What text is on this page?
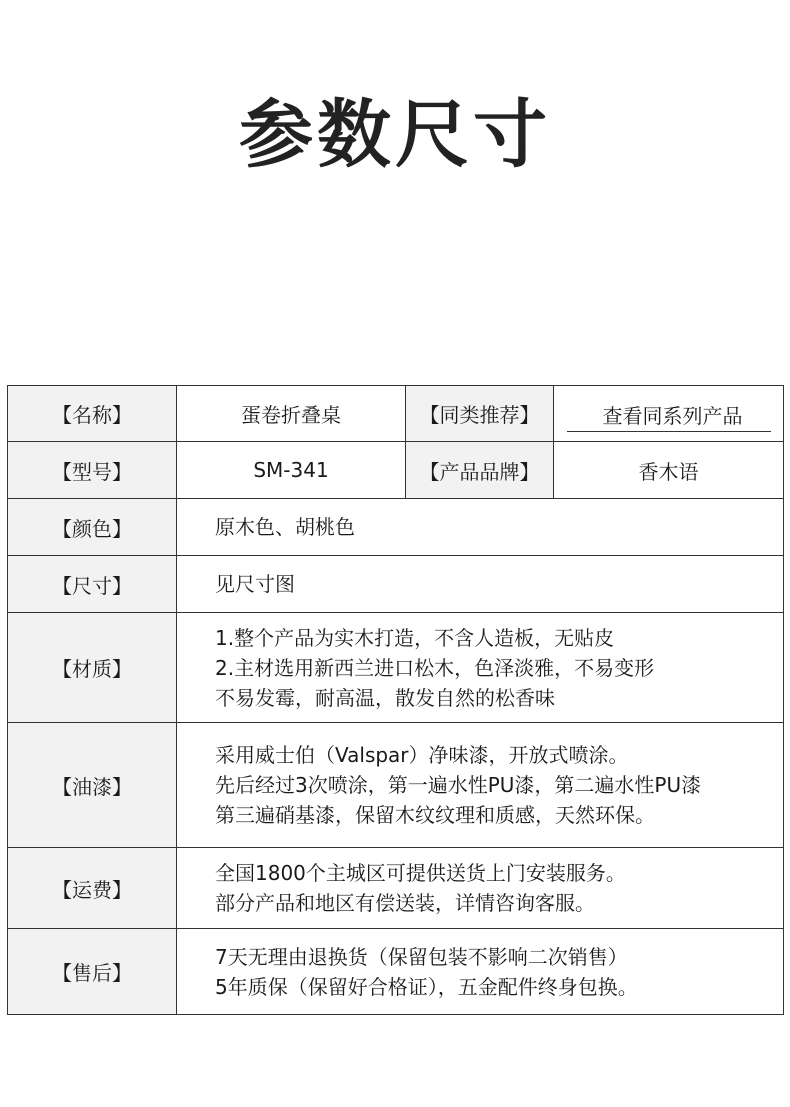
参数尺寸
【名称】	蛋卷折叠桌	【同类推荐】	查看同系列产品
【型号】	SM-341	【产品品牌】	香木语
【颜色】	原木色、胡桃色		
【尺寸】	见尺寸图		
【材质】	1.整个产品为实木打造，不含人造板，无贴皮
2.主材选用新西兰进口松木，色泽淡雅，不易变形
不易发霉，耐高温，散发自然的松香味		

【油漆】	采用威士伯（Valspar）净味漆，开放式喷涂。
先后经过3次喷涂，第一遍水性PU漆，第二遍水性PU漆
第三遍硝基漆，保留木纹纹理和质感，天然环保。		

【运费】	全国1800个主城区可提供送货上门安装服务。
部分产品和地区有偿送装，详情咨询客服。		

【售后】	7天无理由退换货（保留包装不影响二次销售）
5年质保（保留好合格证），五金配件终身包换。		
